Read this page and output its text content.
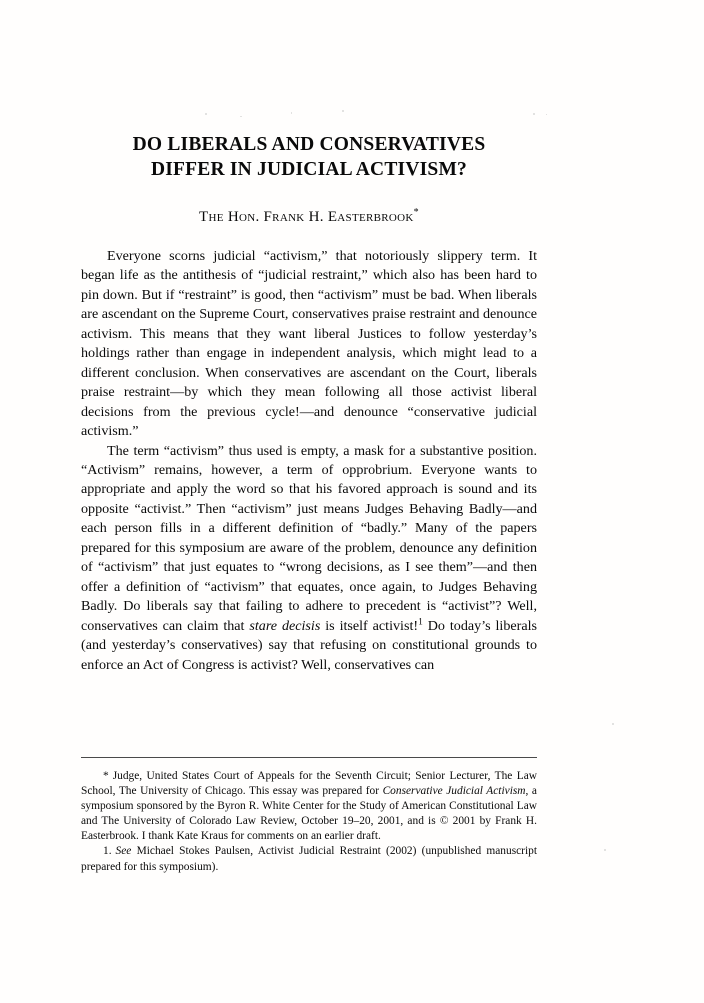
DO LIBERALS AND CONSERVATIVES
DIFFER IN JUDICIAL ACTIVISM?
The Hon. Frank H. Easterbrook*

Everyone scorns judicial “activism,” that notoriously slippery term. It began life as the antithesis of “judicial restraint,” which also has been hard to pin down. But if “restraint” is good, then “activism” must be bad. When liberals are ascendant on the Supreme Court, conservatives praise restraint and denounce activism. This means that they want liberal Justices to follow yesterday’s holdings rather than engage in independent analysis, which might lead to a different conclusion. When conservatives are ascendant on the Court, liberals praise restraint—by which they mean following all those activist liberal decisions from the previous cycle!—and denounce “conservative judicial activism.”

The term “activism” thus used is empty, a mask for a substantive position. “Activism” remains, however, a term of opprobrium. Everyone wants to appropriate and apply the word so that his favored approach is sound and its opposite “activist.” Then “activism” just means Judges Behaving Badly—and each person fills in a different definition of “badly.” Many of the papers prepared for this symposium are aware of the problem, denounce any definition of “activism” that just equates to “wrong decisions, as I see them”—and then offer a definition of “activism” that equates, once again, to Judges Behaving Badly. Do liberals say that failing to adhere to precedent is “activist”? Well, conservatives can claim that stare decisis is itself activist!$^1$ Do today’s liberals (and yesterday’s conservatives) say that refusing on constitutional grounds to enforce an Act of Congress is activist? Well, conservatives can

* Judge, United States Court of Appeals for the Seventh Circuit; Senior Lecturer, The Law School, The University of Chicago. This essay was prepared for Conservative Judicial Activism, a symposium sponsored by the Byron R. White Center for the Study of American Constitutional Law and The University of Colorado Law Review, October 19–20, 2001, and is © 2001 by Frank H. Easterbrook. I thank Kate Kraus for comments on an earlier draft.

1. See Michael Stokes Paulsen, Activist Judicial Restraint (2002) (unpublished manuscript prepared for this symposium).
